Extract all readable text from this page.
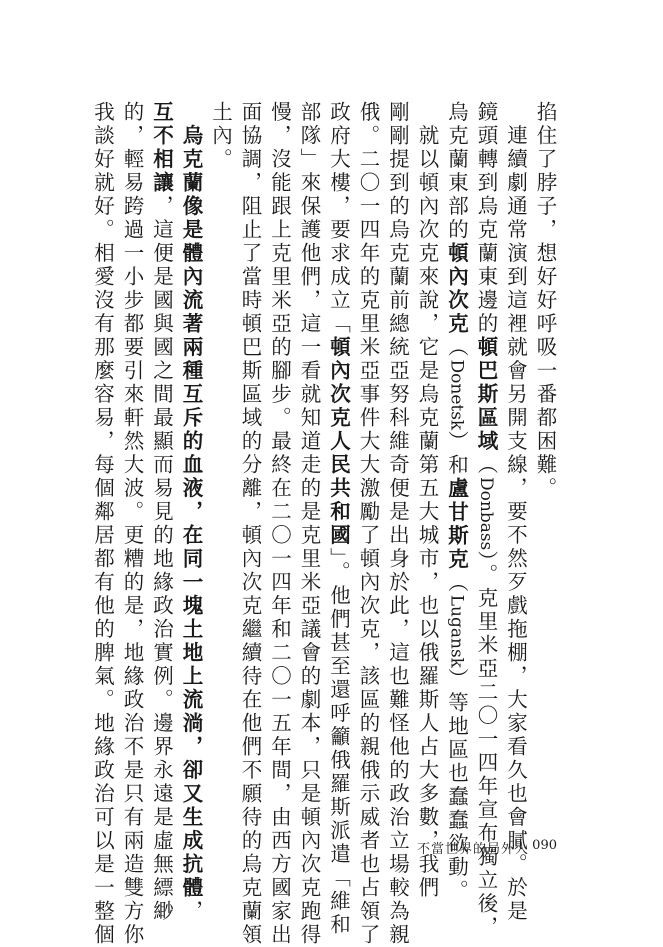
掐住了脖子，想好好呼吸一番都困難。
　連續劇通常演到這裡就會另開支線，要不然歹戲拖棚，大家看久也會膩。於是
鏡頭轉到烏克蘭東邊的頓巴斯區域（Donbass）。克里米亞二〇一四年宣布獨立後，
烏克蘭東部的頓內次克（Donetsk）和盧甘斯克（Lugansk）等地區也蠢蠢欲動。
　就以頓內次克來說，它是烏克蘭第五大城市，也以俄羅斯人占大多數，我們
剛剛提到的烏克蘭前總統亞努科維奇便是出身於此，這也難怪他的政治立場較為親
俄。二〇一四年的克里米亞事件大大激勵了頓內次克，該區的親俄示威者也占領了
政府大樓，要求成立「頓內次克人民共和國」。他們甚至還呼籲俄羅斯派遣「維和
部隊」來保護他們，這一看就知道走的是克里米亞議會的劇本，只是頓內次克跑得
慢，沒能跟上克里米亞的腳步。最終在二〇一四年和二〇一五年間，由西方國家出
面協調，阻止了當時頓巴斯區域的分離，頓內次克繼續待在他們不願待的烏克蘭領
土內。
　烏克蘭像是體內流著兩種互斥的血液，在同一塊土地上流淌，卻又生成抗體，
互不相讓，這便是國與國之間最顯而易見的地緣政治實例。邊界永遠是虛無縹緲
的，輕易跨過一小步都要引來軒然大波。更糟的是，地緣政治不是只有兩造雙方你
我談好就好。相愛沒有那麼容易，每個鄰居都有他的脾氣。地緣政治可以是一整個	不當世界的局外人 090
